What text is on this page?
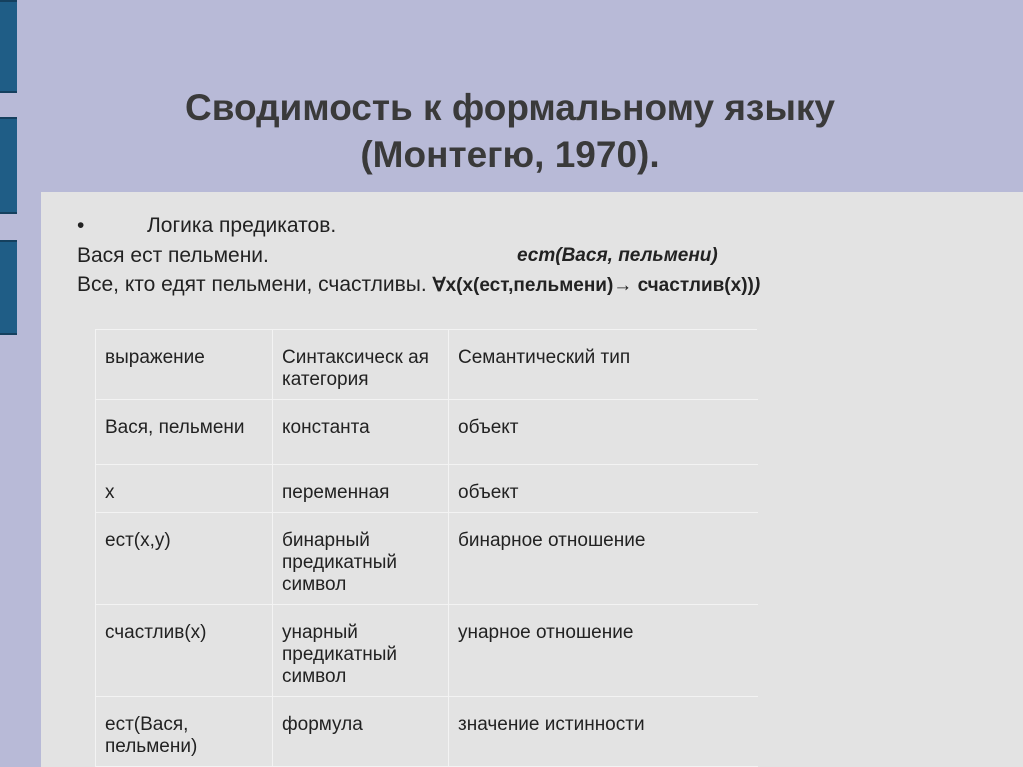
Сводимость к формальному языку
(Монтегю, 1970).
•	Логика предикатов.
Вася ест пельмени.	ест(Вася, пельмени)
Все, кто едят пельмени, счастливы. ∀x(x(ест,пельмени)→ счастлив(x)))
выражение	Синтаксическ ая категория	Семантический тип
Вася, пельмени	константа	объект
x	переменная	объект
ест(x,y)	бинарный предикатный символ	бинарное отношение
счастлив(x)	унарный предикатный символ	унарное отношение
ест(Вася, пельмени)	формула	значение истинности
